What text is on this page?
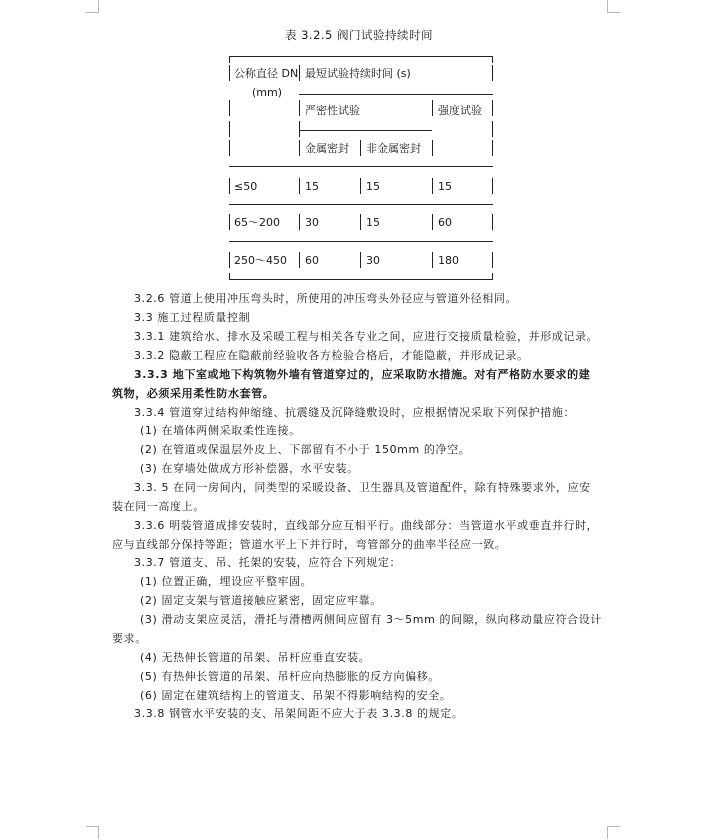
表 3.2.5 阀门试验持续时间
公称直径 DN
(mm)
最短试验持续时间 (s)
严密性试验	强度试验
金属密封 非金属密封
≤50	15	15	15
65～200 30	15	60
250～450 60	30	180
3.2.6 管道上使用冲压弯头时，所使用的冲压弯头外径应与管道外径相同。
3.3 施工过程质量控制
3.3.1 建筑给水、排水及采暖工程与相关各专业之间，应进行交接质量检验，并形成记录。
3.3.2 隐蔽工程应在隐蔽前经验收各方检验合格后，才能隐蔽，并形成记录。
3.3.3 地下室或地下构筑物外墙有管道穿过的，应采取防水措施。对有严格防水要求的建
筑物，必须采用柔性防水套管。
3.3.4 管道穿过结构伸缩缝、抗震缝及沉降缝敷设时，应根据情况采取下列保护措施：
(1) 在墙体两侧采取柔性连接。
(2) 在管道或保温层外皮上、下部留有不小于 150mm 的净空。
(3) 在穿墙处做成方形补偿器，水平安装。
3.3. 5 在同一房间内，同类型的采暖设备、卫生器具及管道配件，除有特殊要求外，应安
装在同一高度上。
3.3.6 明装管道成排安装时，直线部分应互相平行。曲线部分：当管道水平或垂直并行时，
应与直线部分保持等距；管道水平上下并行时，弯管部分的曲率半径应一致。
3.3.7 管道支、吊、托架的安装，应符合下列规定：
(1) 位置正确，埋设应平整牢固。
(2) 固定支架与管道接触应紧密，固定应牢靠。
(3) 滑动支架应灵活，滑托与滑槽两侧间应留有 3～5mm 的间隙，纵向移动量应符合设计
要求。
(4) 无热伸长管道的吊架、吊杆应垂直安装。
(5) 有热伸长管道的吊架、吊杆应向热膨胀的反方向偏移。
(6) 固定在建筑结构上的管道支、吊架不得影响结构的安全。
3.3.8 钢管水平安装的支、吊架间距不应大于表 3.3.8 的规定。
